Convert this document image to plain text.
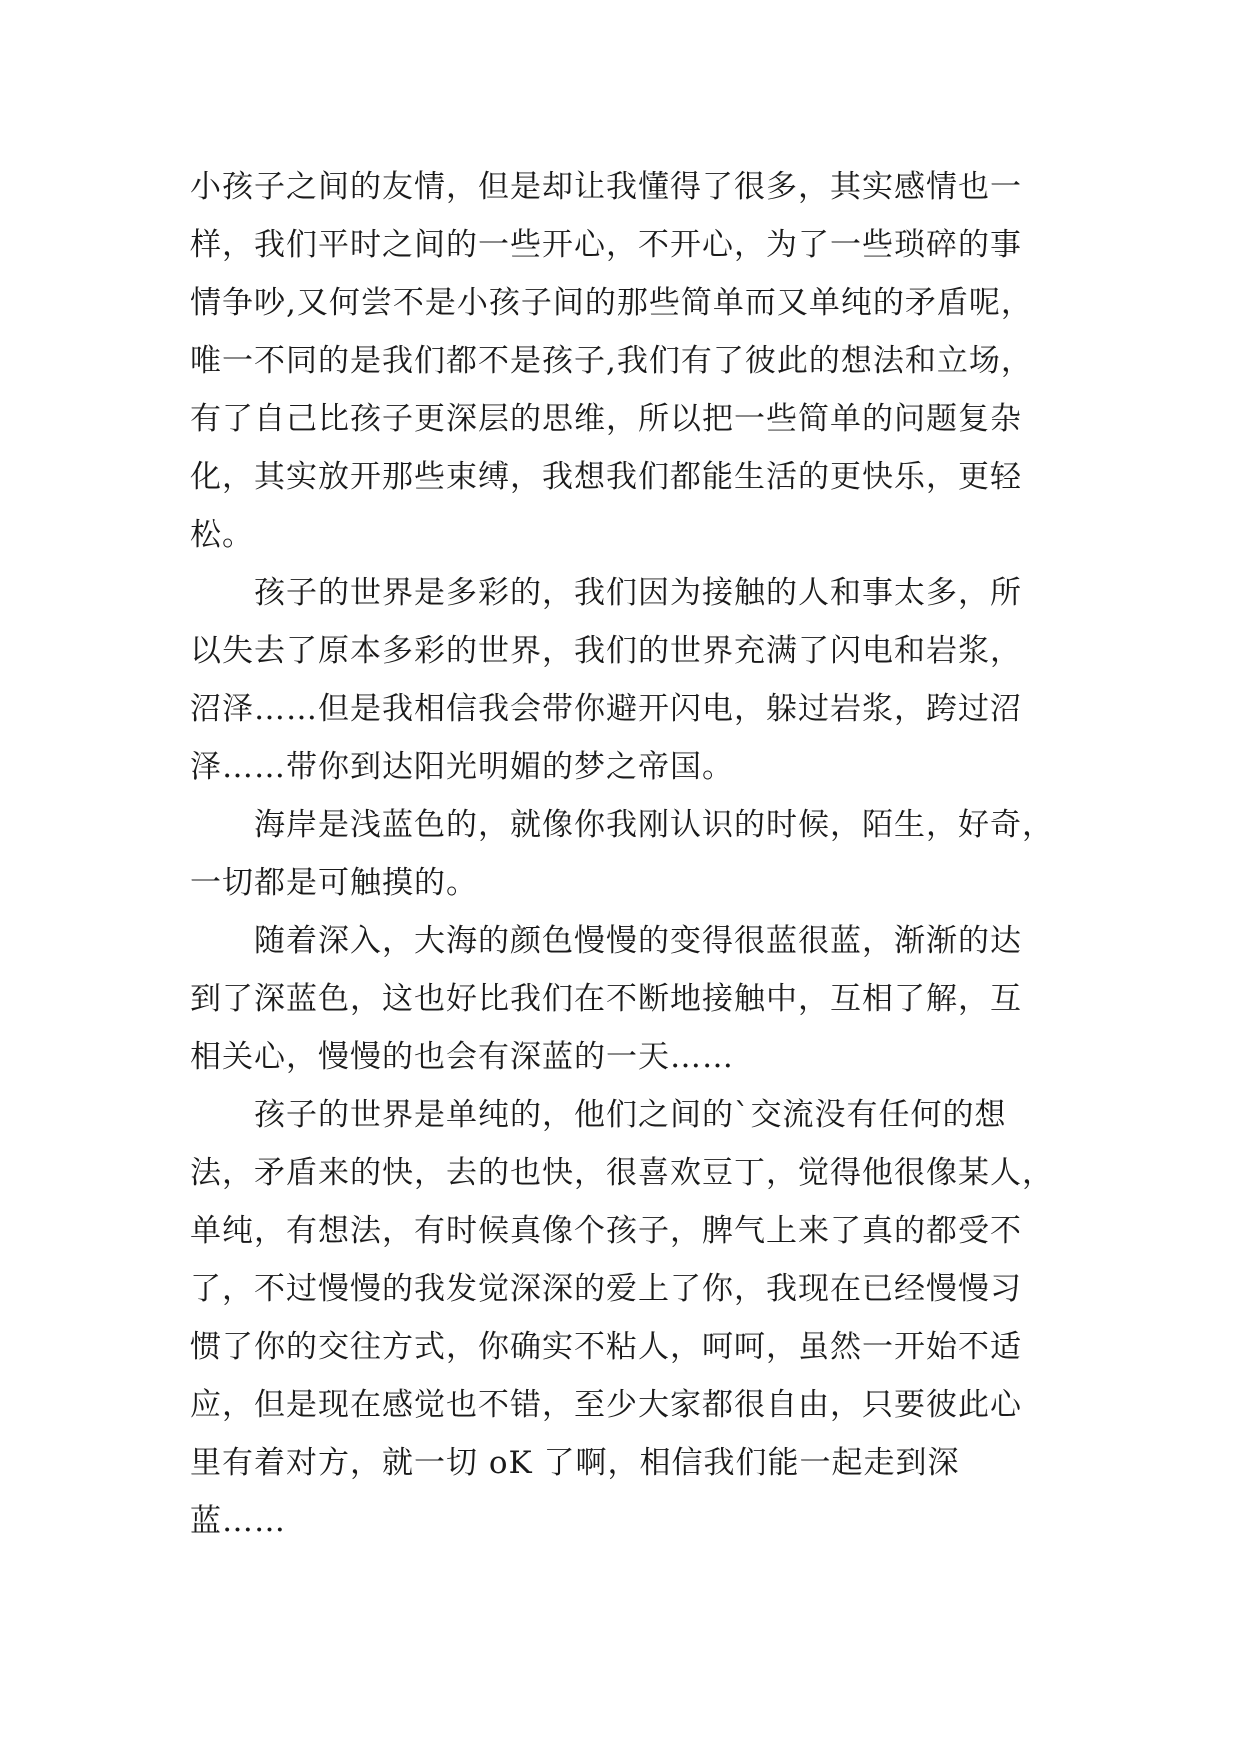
小孩子之间的友情，但是却让我懂得了很多，其实感情也一
样，我们平时之间的一些开心，不开心，为了一些琐碎的事
情争吵,又何尝不是小孩子间的那些简单而又单纯的矛盾呢，
唯一不同的是我们都不是孩子,我们有了彼此的想法和立场，
有了自己比孩子更深层的思维，所以把一些简单的问题复杂
化，其实放开那些束缚，我想我们都能生活的更快乐，更轻
松。
孩子的世界是多彩的，我们因为接触的人和事太多，所
以失去了原本多彩的世界，我们的世界充满了闪电和岩浆，
沼泽……但是我相信我会带你避开闪电，躲过岩浆，跨过沼
泽……带你到达阳光明媚的梦之帝国。
海岸是浅蓝色的，就像你我刚认识的时候，陌生，好奇，
一切都是可触摸的。
随着深入，大海的颜色慢慢的变得很蓝很蓝，渐渐的达
到了深蓝色，这也好比我们在不断地接触中，互相了解，互
相关心，慢慢的也会有深蓝的一天……
孩子的世界是单纯的，他们之间的`交流没有任何的想
法，矛盾来的快，去的也快，很喜欢豆丁，觉得他很像某人，
单纯，有想法，有时候真像个孩子，脾气上来了真的都受不
了，不过慢慢的我发觉深深的爱上了你，我现在已经慢慢习
惯了你的交往方式，你确实不粘人，呵呵，虽然一开始不适
应，但是现在感觉也不错，至少大家都很自由，只要彼此心
里有着对方，就一切 oK 了啊，相信我们能一起走到深
蓝……
